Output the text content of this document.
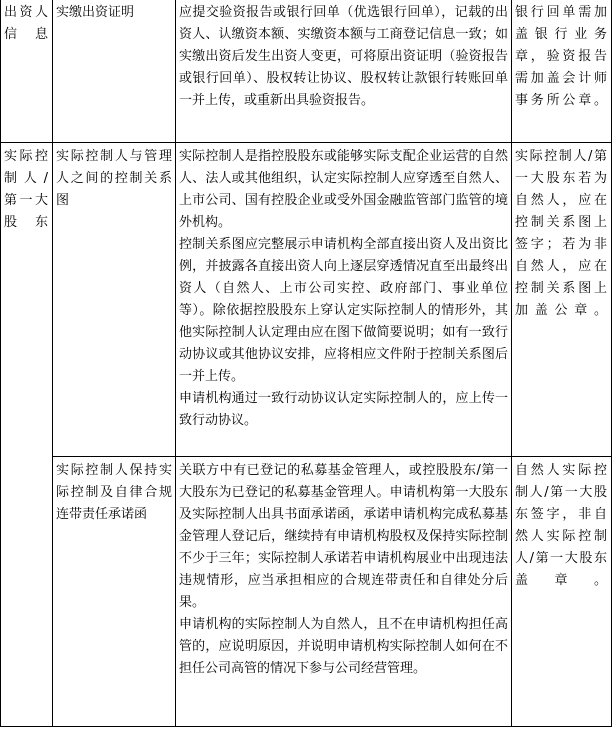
出资人信息	实缴出资证明	应提交验资报告或银行回单（优选银行回单），记载的出资人、认缴资本额、实缴资本额与工商登记信息一致；如实缴出资后发生出资人变更，可将原出资证明（验资报告或银行回单）、股权转让协议、股权转让款银行转账回单一并上传，或重新出具验资报告。	银行回单需加盖银行业务章，验资报告需加盖会计师事务所公章。
实际控制人/第一大股东	实际控制人与管理人之间的控制关系图	实际控制人是指控股股东或能够实际支配企业运营的自然人、法人或其他组织，认定实际控制人应穿透至自然人、上市公司、国有控股企业或受外国金融监管部门监管的境外机构。
控制关系图应完整展示申请机构全部直接出资人及出资比例，并披露各直接出资人向上逐层穿透情况直至出最终出资人（自然人、上市公司实控、政府部门、事业单位等）。除依据控股股东上穿认定实际控制人的情形外，其他实际控制人认定理由应在图下做简要说明；如有一致行动协议或其他协议安排，应将相应文件附于控制关系图后一并上传。
申请机构通过一致行动协议认定实际控制人的，应上传一致行动协议。	实际控制人/第一大股东若为自然人，应在控制关系图上签字；若为非自然人，应在控制关系图上加盖公章。
	实际控制人保持实际控制及自律合规连带责任承诺函	关联方中有已登记的私募基金管理人，或控股股东/第一大股东为已登记的私募基金管理人。申请机构第一大股东及实际控制人出具书面承诺函，承诺申请机构完成私募基金管理人登记后，继续持有申请机构股权及保持实际控制不少于三年；实际控制人承诺若申请机构展业中出现违法违规情形，应当承担相应的合规连带责任和自律处分后果。
申请机构的实际控制人为自然人，且不在申请机构担任高管的，应说明原因，并说明申请机构实际控制人如何在不担任公司高管的情况下参与公司经营管理。	自然人实际控制人/第一大股东签字，非自然人实际控制人/第一大股东盖章。
